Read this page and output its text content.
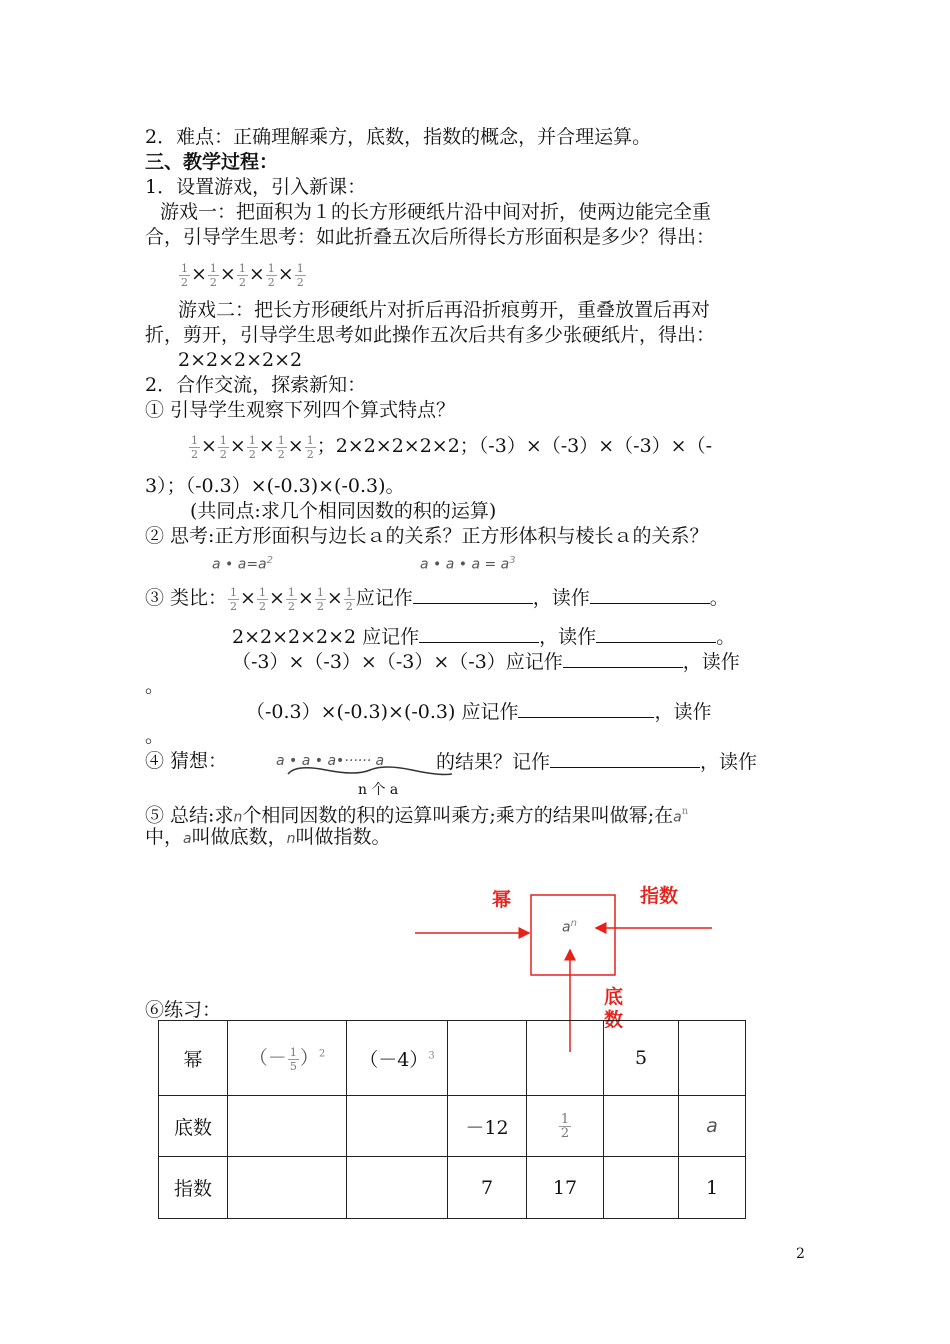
2．难点：正确理解乘方，底数，指数的概念，并合理运算。
三、教学过程：
1．设置游戏，引入新课：
游戏一：把面积为１的长方形硬纸片沿中间对折，使两边能完全重
合，引导学生思考：如此折叠五次后所得长方形面积是多少？得出：
$\frac{1}{2} \times \frac{1}{2} \times \frac{1}{2} \times \frac{1}{2} \times \frac{1}{2}$
游戏二：把长方形硬纸片对折后再沿折痕剪开，重叠放置后再对
折，剪开，引导学生思考如此操作五次后共有多少张硬纸片，得出：
2×2×2×2×2
2．合作交流，探索新知：
① 引导学生观察下列四个算式特点？
$\frac{1}{2} \times \frac{1}{2} \times \frac{1}{2} \times \frac{1}{2} \times \frac{1}{2}$ ；2×2×2×2×2；（-3）×（-3）×（-3）×（-
3）；（-0.3）×(-0.3)×(-0.3)。
(共同点:求几个相同因数的积的运算)
② 思考:正方形面积与边长ａ的关系？正方形体积与棱长ａ的关系？
a • $a=a^2$	a • a • $a = a^3$
③ 类比： $\frac{1}{2} \times \frac{1}{2} \times \frac{1}{2} \times \frac{1}{2} \times \frac{1}{2}$ 应记作	，读作	。
2×2×2×2×2 应记作	，读作	。
（-3）×（-3）×（-3）×（-3）应记作	，读作
。
（-0.3）×(-0.3)×(-0.3) 应记作	，读作
。
④ 猜想：	a • a • a•······ a	的结果？记作	，读作
n 个 a
⑤ 总结:求n个相同因数的积的运算叫乘方;乘方的结果叫做幂;在$a^n$
中，a叫做底数，n叫做指数。
幂	指数
底
数
$a^n$
⑥练习：
幂	（－ $\frac{1}{5} )^2$	$(-4)^3$			5	
底数			－12	$\frac{1}{2}$		a
指数			7	17		1
2
